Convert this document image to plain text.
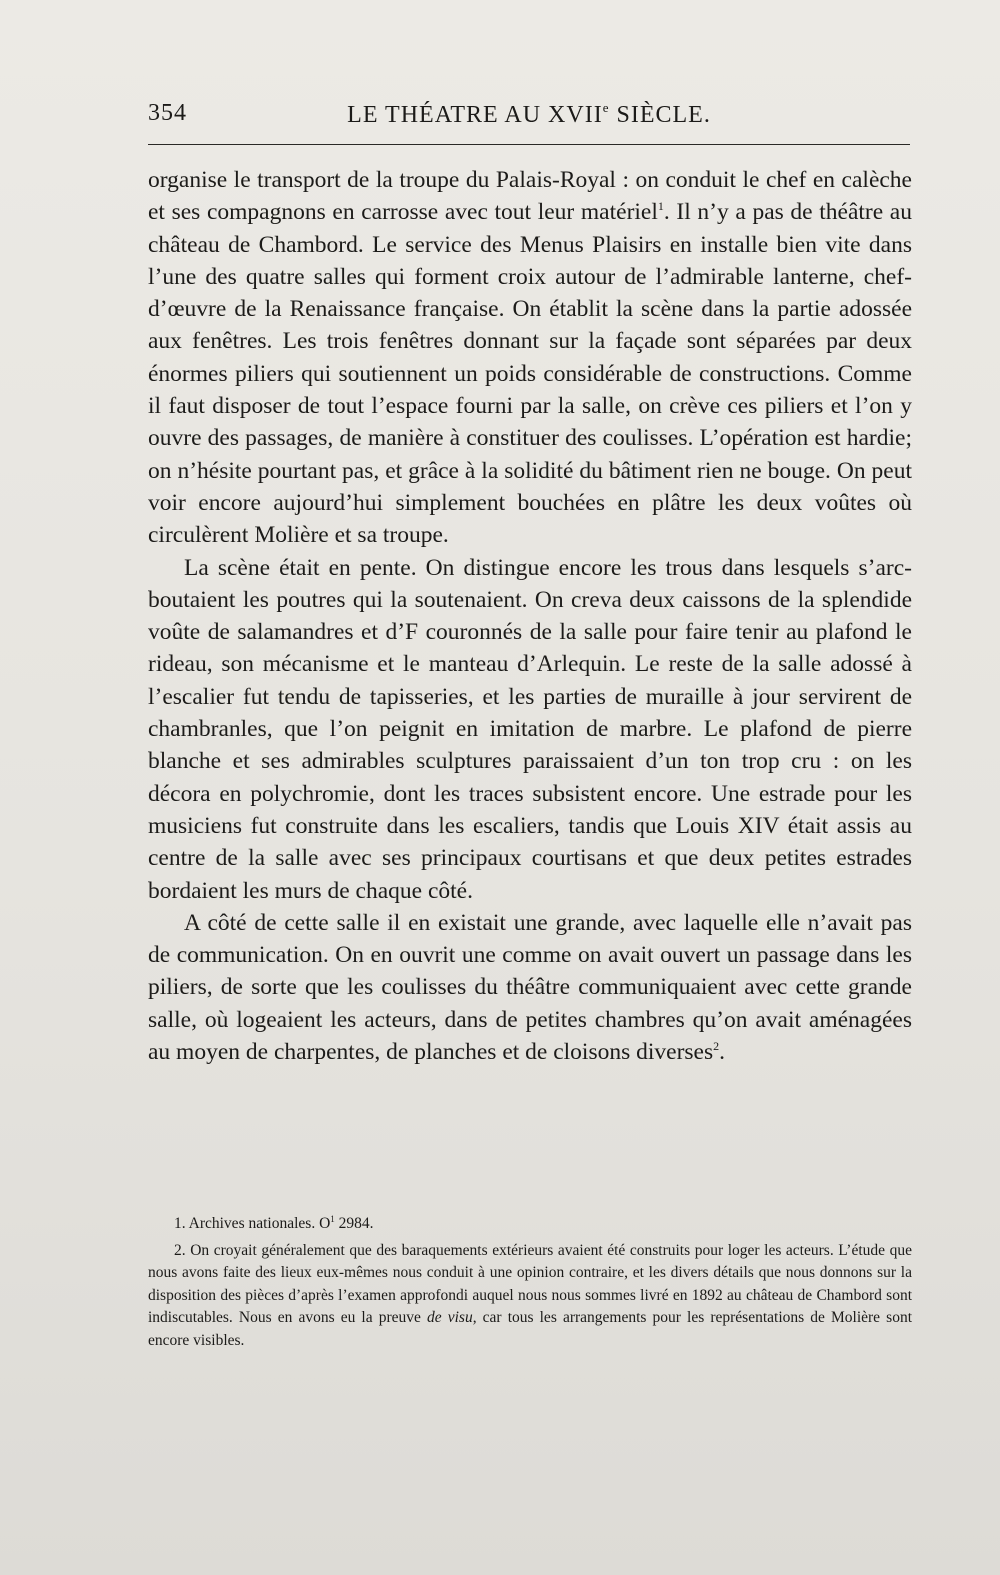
354	LE THÉATRE AU XVIIe SIÈCLE.

organise le transport de la troupe du Palais-Royal : on conduit le chef en calèche et ses compagnons en carrosse avec tout leur matériel$^1$. Il n’y a pas de théâtre au château de Chambord. Le service des Menus Plaisirs en installe bien vite dans l’une des quatre salles qui forment croix autour de l’admirable lanterne, chef-d’œuvre de la Renaissance française. On établit la scène dans la partie adossée aux fenêtres. Les trois fenêtres donnant sur la façade sont séparées par deux énormes piliers qui soutiennent un poids considérable de constructions. Comme il faut disposer de tout l’espace fourni par la salle, on crève ces piliers et l’on y ouvre des passages, de manière à constituer des coulisses. L’opération est hardie; on n’hésite pourtant pas, et grâce à la solidité du bâtiment rien ne bouge. On peut voir encore aujourd’hui simplement bouchées en plâtre les deux voûtes où circulèrent Molière et sa troupe.

La scène était en pente. On distingue encore les trous dans lesquels s’arc-boutaient les poutres qui la soutenaient. On creva deux caissons de la splendide voûte de salamandres et d’F couronnés de la salle pour faire tenir au plafond le rideau, son mécanisme et le manteau d’Arlequin. Le reste de la salle adossé à l’escalier fut tendu de tapisseries, et les parties de muraille à jour servirent de chambranles, que l’on peignit en imitation de marbre. Le plafond de pierre blanche et ses admirables sculptures paraissaient d’un ton trop cru : on les décora en polychromie, dont les traces subsistent encore. Une estrade pour les musiciens fut construite dans les escaliers, tandis que Louis XIV était assis au centre de la salle avec ses principaux courtisans et que deux petites estrades bordaient les murs de chaque côté.

A côté de cette salle il en existait une grande, avec laquelle elle n’avait pas de communication. On en ouvrit une comme on avait ouvert un passage dans les piliers, de sorte que les coulisses du théâtre communiquaient avec cette grande salle, où logeaient les acteurs, dans de petites chambres qu’on avait aménagées au moyen de charpentes, de planches et de cloisons diverses$^2$.

1. Archives nationales. $O^1$ 2984.

2. On croyait généralement que des baraquements extérieurs avaient été construits pour loger les acteurs. L’étude que nous avons faite des lieux eux-mêmes nous conduit à une opinion contraire, et les divers détails que nous donnons sur la disposition des pièces d’après l’examen approfondi auquel nous nous sommes livré en 1892 au château de Chambord sont indiscutables. Nous en avons eu la preuve de visu, car tous les arrangements pour les représentations de Molière sont encore visibles.
